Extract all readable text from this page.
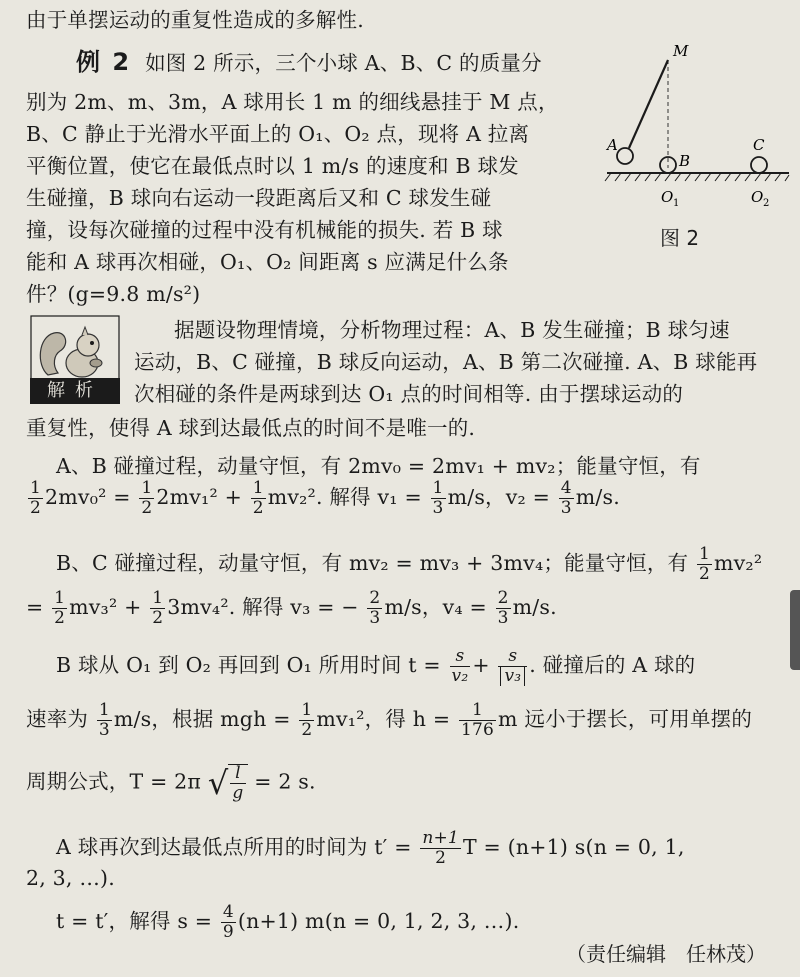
由于单摆运动的重复性造成的多解性.
例 2 如图 2 所示，三个小球 A、B、C 的质量分
别为 2m、m、3m，A 球用长 1 m 的细线悬挂于 M 点，
B、C 静止于光滑水平面上的 O₁、O₂ 点，现将 A 拉离
平衡位置，使它在最低点时以 1 m/s 的速度和 B 球发
生碰撞，B 球向右运动一段距离后又和 C 球发生碰
撞，设每次碰撞的过程中没有机械能的损失. 若 B 球
能和 A 球再次相碰，O₁、O₂ 间距离 s 应满足什么条
件？(g=9.8 m/s²)
M
A
B
C
O 1	O 2
图 2
解析
据题设物理情境，分析物理过程：A、B 发生碰撞；B 球匀速
运动，B、C 碰撞，B 球反向运动，A、B 第二次碰撞. A、B 球能再
次相碰的条件是两球到达 O₁ 点的时间相等. 由于摆球运动的
重复性，使得 A 球到达最低点的时间不是唯一的.
A、B 碰撞过程，动量守恒，有 2mv₀ = 2mv₁ + mv₂；能量守恒，有
$\frac{1}{2} 2mv_0^2 = \frac{1}{2} 2mv_1^2 + \frac{1}{2} mv_2^2$. 解得 $v_1 = \frac{1}{3} m/s$，$v_2 = \frac{4}{3} m/s$.
B、C 碰撞过程，动量守恒，有 mv₂ = mv₃ + 3mv₄；能量守恒，有 $\frac{1}{2} mv_2^2$
= $\frac{1}{2} mv_3^2 + \frac{1}{2} 3mv_4^2$. 解得 v₃ = − $\frac{2}{3} m/s$，$v_4 = \frac{2}{3} m/s$.
B 球从 O₁ 到 O₂ 再回到 O₁ 所用时间 $t = \frac{s}{\text{v₂}} + \frac{s}{\text{v₃}}$ . 碰撞后的 A 球的
速率为 $\frac{1}{3} m/s$，根据 mgh = $\frac{1}{2} mv_1^2$，得 $h = \frac{1}{176}$ m 远小于摆长，可用单摆的
周期公式，T = 2π √ $\frac{l}{g} = 2$ s.
A 球再次到达最低点所用的时间为 $t' = \frac{n+1}{2}$ T = (n+1) s(n = 0, 1,
2, 3, …).
t = t′，解得 $s = \frac{4}{9} (n+1) m(n = 0$, 1, 2, 3, …).
（责任编辑　任林茂）
